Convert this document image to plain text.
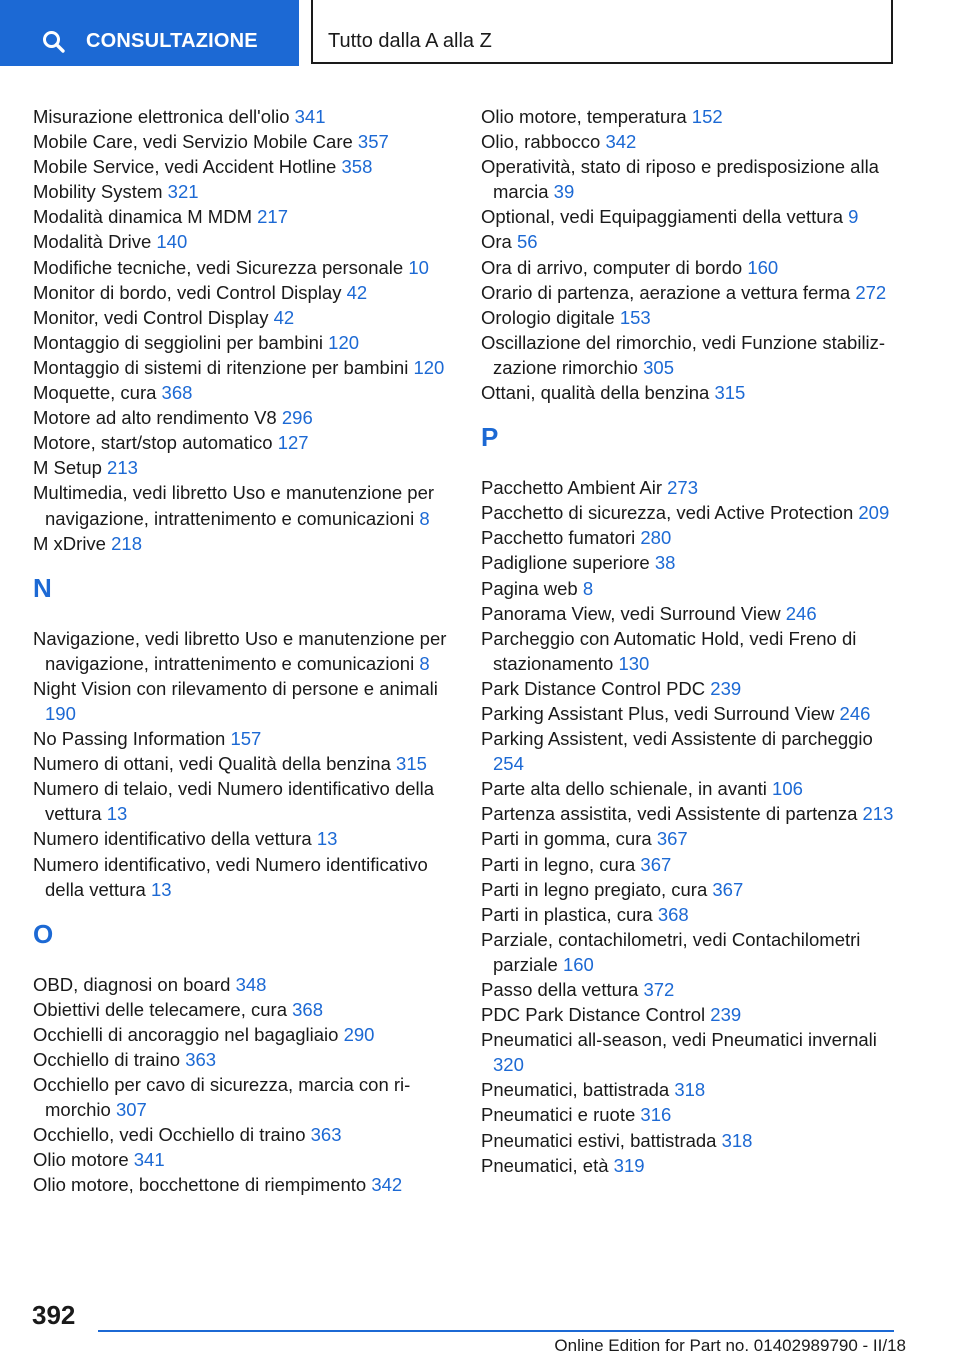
CONSULTAZIONE	Tutto dalla A alla Z
Misurazione elettronica dell'olio 341
Mobile Care, vedi Servizio Mobile Care 357
Mobile Service, vedi Accident Hotline 358
Mobility System 321
Modalità dinamica M MDM 217
Modalità Drive 140
Modifiche tecniche, vedi Sicurezza personale 10
Monitor di bordo, vedi Control Display 42
Monitor, vedi Control Display 42
Montaggio di seggiolini per bambini 120
Montaggio di sistemi di ritenzione per bambini 120
Moquette, cura 368
Motore ad alto rendimento V8 296
Motore, start/stop automatico 127
M Setup 213
Multimedia, vedi libretto Uso e manutenzione per navigazione, intrattenimento e comunicazioni 8
M xDrive 218
N
Navigazione, vedi libretto Uso e manutenzione per navigazione, intrattenimento e comunicazioni 8
Night Vision con rilevamento di persone e animali 190
No Passing Information 157
Numero di ottani, vedi Qualità della benzina 315
Numero di telaio, vedi Numero identificativo della vettura 13
Numero identificativo della vettura 13
Numero identificativo, vedi Numero identificativo della vettura 13
O
OBD, diagnosi on board 348
Obiettivi delle telecamere, cura 368
Occhielli di ancoraggio nel bagagliaio 290
Occhiello di traino 363
Occhiello per cavo di sicurezza, marcia con rimorchio 307
Occhiello, vedi Occhiello di traino 363
Olio motore 341
Olio motore, bocchettone di riempimento 342
Olio motore, temperatura 152
Olio, rabbocco 342
Operatività, stato di riposo e predisposizione alla marcia 39
Optional, vedi Equipaggiamenti della vettura 9
Ora 56
Ora di arrivo, computer di bordo 160
Orario di partenza, aerazione a vettura ferma 272
Orologio digitale 153
Oscillazione del rimorchio, vedi Funzione stabilizzazione rimorchio 305
Ottani, qualità della benzina 315
P
Pacchetto Ambient Air 273
Pacchetto di sicurezza, vedi Active Protection 209
Pacchetto fumatori 280
Padiglione superiore 38
Pagina web 8
Panorama View, vedi Surround View 246
Parcheggio con Automatic Hold, vedi Freno di stazionamento 130
Park Distance Control PDC 239
Parking Assistant Plus, vedi Surround View 246
Parking Assistent, vedi Assistente di parcheggio 254
Parte alta dello schienale, in avanti 106
Partenza assistita, vedi Assistente di partenza 213
Parti in gomma, cura 367
Parti in legno, cura 367
Parti in legno pregiato, cura 367
Parti in plastica, cura 368
Parziale, contachilometri, vedi Contachilometri parziale 160
Passo della vettura 372
PDC Park Distance Control 239
Pneumatici all-season, vedi Pneumatici invernali 320
Pneumatici, battistrada 318
Pneumatici e ruote 316
Pneumatici estivi, battistrada 318
Pneumatici, età 319
392
Online Edition for Part no. 01402989790 - II/18
